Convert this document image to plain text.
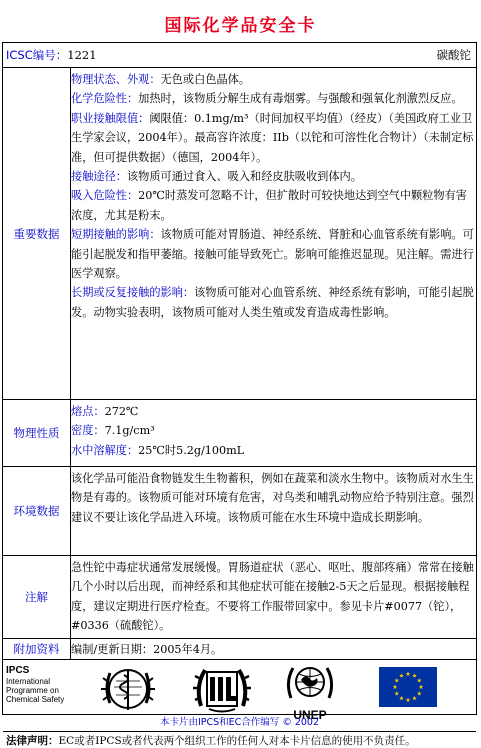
国际化学品安全卡
ICSC编号：1221	碳酸铊
重要数据

物理状态、外观：无色或白色晶体。

化学危险性：加热时，该物质分解生成有毒烟雾。与强酸和强氧化剂激烈反应。

职业接触限值：阈限值：0.1mg/m³（时间加权平均值）（经皮）（美国政府工业卫生学家会议，2004年）。最高容许浓度：IIb（以铊和可溶性化合物计）（未制定标准，但可提供数据）（德国，2004年）。

接触途径：该物质可通过食入、吸入和经皮肤吸收到体内。

吸入危险性：20℃时蒸发可忽略不计，但扩散时可较快地达到空气中颗粒物有害浓度，尤其是粉末。

短期接触的影响：该物质可能对胃肠道、神经系统、肾脏和心血管系统有影响。可能引起脱发和指甲萎缩。接触可能导致死亡。影响可能推迟显现。见注解。需进行医学观察。

长期或反复接触的影响：该物质可能对心血管系统、神经系统有影响，可能引起脱发。动物实验表明，该物质可能对人类生殖或发育造成毒性影响。

物理性质

熔点：272℃

密度：7.1g/cm³

水中溶解度：25℃时5.2g/100mL

环境数据
该化学品可能沿食物链发生生物蓄积，例如在蔬菜和淡水生物中。该物质对水生生物是有毒的。该物质可能对环境有危害，对鸟类和哺乳动物应给予特别注意。强烈建议不要让该化学品进入环境。该物质可能在水生环境中造成长期影响。
注解
急性铊中毒症状通常发展缓慢。胃肠道症状（恶心、呕吐、腹部疼痛）常常在接触几个小时以后出现，而神经系和其他症状可能在接触2-5天之后显现。根据接触程度，建议定期进行医疗检查。不要将工作服带回家中。参见卡片#0077（铊），#0336（硫酸铊）。
附加资料	编制/更新日期：2005年4月。
IPCS
International
Programme on
Chemical Safety
UNEP
本卡片由IPCS和EC合作编写 © 2002
法律声明：EC或者IPCS或者代表两个组织工作的任何人对本卡片信息的使用不负责任。
